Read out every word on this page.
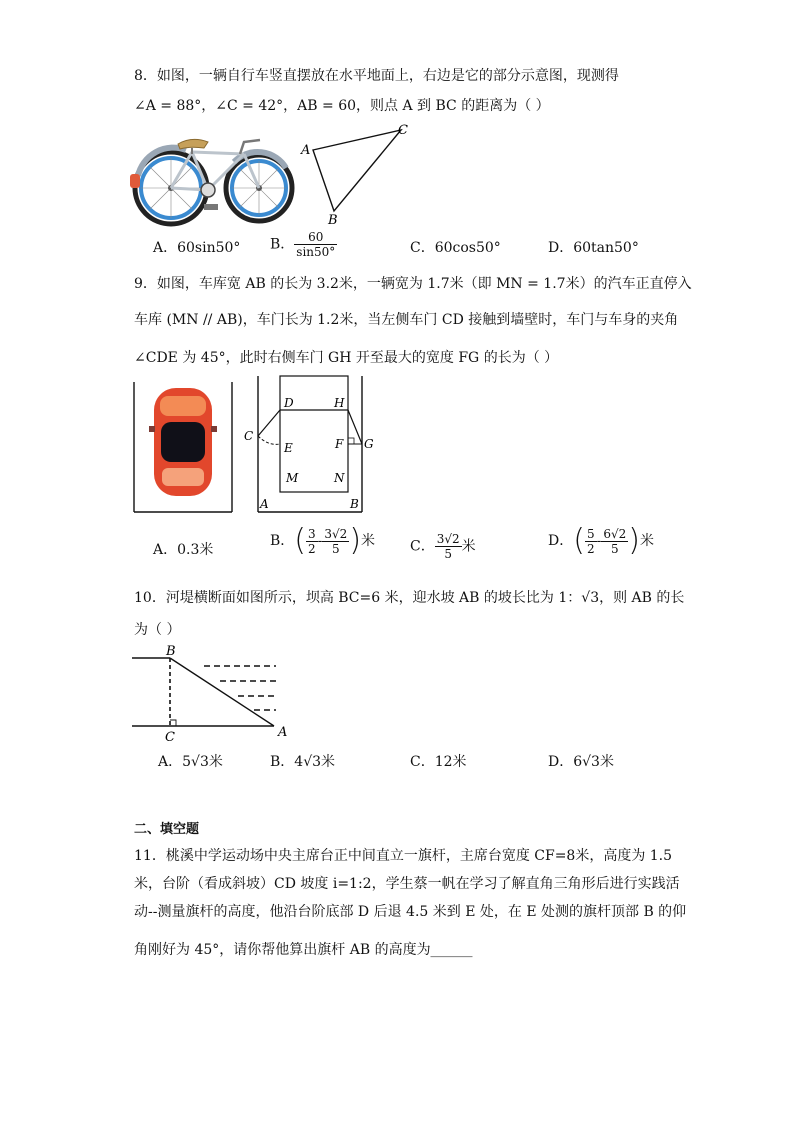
8．如图，一辆自行车竖直摆放在水平地面上，右边是它的部分示意图，现测得
∠A = 88°，∠C = 42°，AB = 60，则点 A 到 BC 的距离为（ ）
A
C
B
A．60sin50° B． $\frac{60}{\sin 50^\circ}$	C．60cos50°	D．60tan50°
9．如图，车库宽 AB 的长为 3.2米，一辆宽为 1.7米（即 MN = 1.7米）的汽车正直停入
车库 (MN // AB)，车门长为 1.2米，当左侧车门 CD 接触到墙壁时，车门与车身的夹角
∠CDE 为 45°，此时右侧车门 GH 开至最大的宽度 FG 的长为（ ）
D	H
C
E	F G
M	N
A	B
A．0.3米
B．( $\frac{3}{2} - \frac{3√2}{5}$ )米 C． $\frac{3√2}{5}$ 米	D．( $\frac{5}{2} - \frac{6√2}{5}$ )米
10．河堤横断面如图所示，坝高 BC=6 米，迎水坡 AB 的坡长比为 1：√3，则 AB 的长
为（ ）
B
C	A
A．5√3米	B．4√3米	C．12米	D．6√3米
二、填空题
11．桃溪中学运动场中央主席台正中间直立一旗杆，主席台宽度 CF=8米，高度为 1.5
米，台阶（看成斜坡）CD 坡度 i=1:2，学生蔡一帆在学习了解直角三角形后进行实践活
动--测量旗杆的高度，他沿台阶底部 D 后退 4.5 米到 E 处，在 E 处测的旗杆顶部 B 的仰
角刚好为 45°，请你帮他算出旗杆 AB 的高度为______
